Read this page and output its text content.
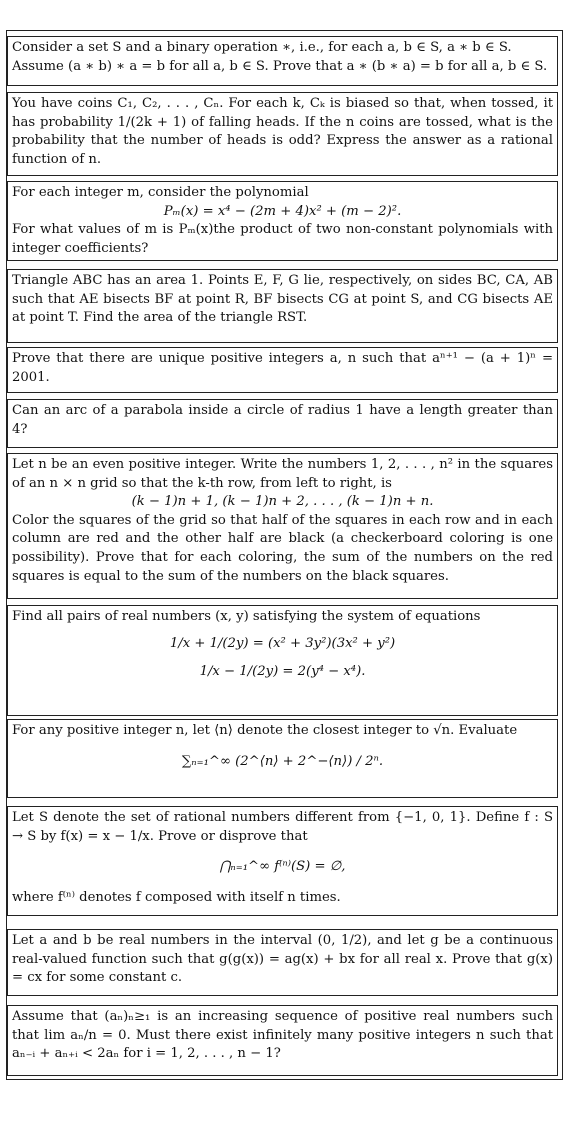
Consider a set S and a binary operation ∗, i.e., for each a, b ∈ S, a ∗ b ∈ S.

Assume (a ∗ b) ∗ a = b for all a, b ∈ S. Prove that a ∗ (b ∗ a) = b for all a, b ∈ S.

You have coins C₁, C₂, . . . , Cₙ. For each k, Cₖ is biased so that, when tossed, it has probability 1/(2k + 1) of falling heads. If the n coins are tossed, what is the probability that the number of heads is odd? Express the answer as a rational function of n.

For each integer m, consider the polynomial

Pₘ(x) = x⁴ − (2m + 4)x² + (m − 2)².

For what values of m is Pₘ(x)the product of two non-constant polynomials with integer coefficients?

Triangle ABC has an area 1. Points E, F, G lie, respectively, on sides BC, CA, AB such that AE bisects BF at point R, BF bisects CG at point S, and CG bisects AE at point T. Find the area of the triangle RST.

Prove that there are unique positive integers a, n such that aⁿ⁺¹ − (a + 1)ⁿ = 2001.

Can an arc of a parabola inside a circle of radius 1 have a length greater than 4?

Let n be an even positive integer. Write the numbers 1, 2, . . . , n² in the squares of an n × n grid so that the k-th row, from left to right, is

(k − 1)n + 1, (k − 1)n + 2, . . . , (k − 1)n + n.

Color the squares of the grid so that half of the squares in each row and in each column are red and the other half are black (a checkerboard coloring is one possibility). Prove that for each coloring, the sum of the numbers on the red squares is equal to the sum of the numbers on the black squares.

Find all pairs of real numbers (x, y) satisfying the system of equations

1/x + 1/(2y) = (x² + 3y²)(3x² + y²)

1/x − 1/(2y) = 2(y⁴ − x⁴).

For any positive integer n, let ⟨n⟩ denote the closest integer to √n. Evaluate

∑ₙ₌₁^∞ (2^⟨n⟩ + 2^−⟨n⟩) / 2ⁿ.

Let S denote the set of rational numbers different from {−1, 0, 1}. Define f : S → S by f(x) = x − 1/x. Prove or disprove that

⋂ₙ₌₁^∞ f⁽ⁿ⁾(S) = ∅,

where f⁽ⁿ⁾ denotes f composed with itself n times.

Let a and b be real numbers in the interval (0, 1/2), and let g be a continuous real-valued function such that g(g(x)) = ag(x) + bx for all real x. Prove that g(x) = cx for some constant c.

Assume that (aₙ)ₙ≥₁ is an increasing sequence of positive real numbers such that lim aₙ/n = 0. Must there exist infinitely many positive integers n such that aₙ₋ᵢ + aₙ₊ᵢ < 2aₙ for i = 1, 2, . . . , n − 1?
